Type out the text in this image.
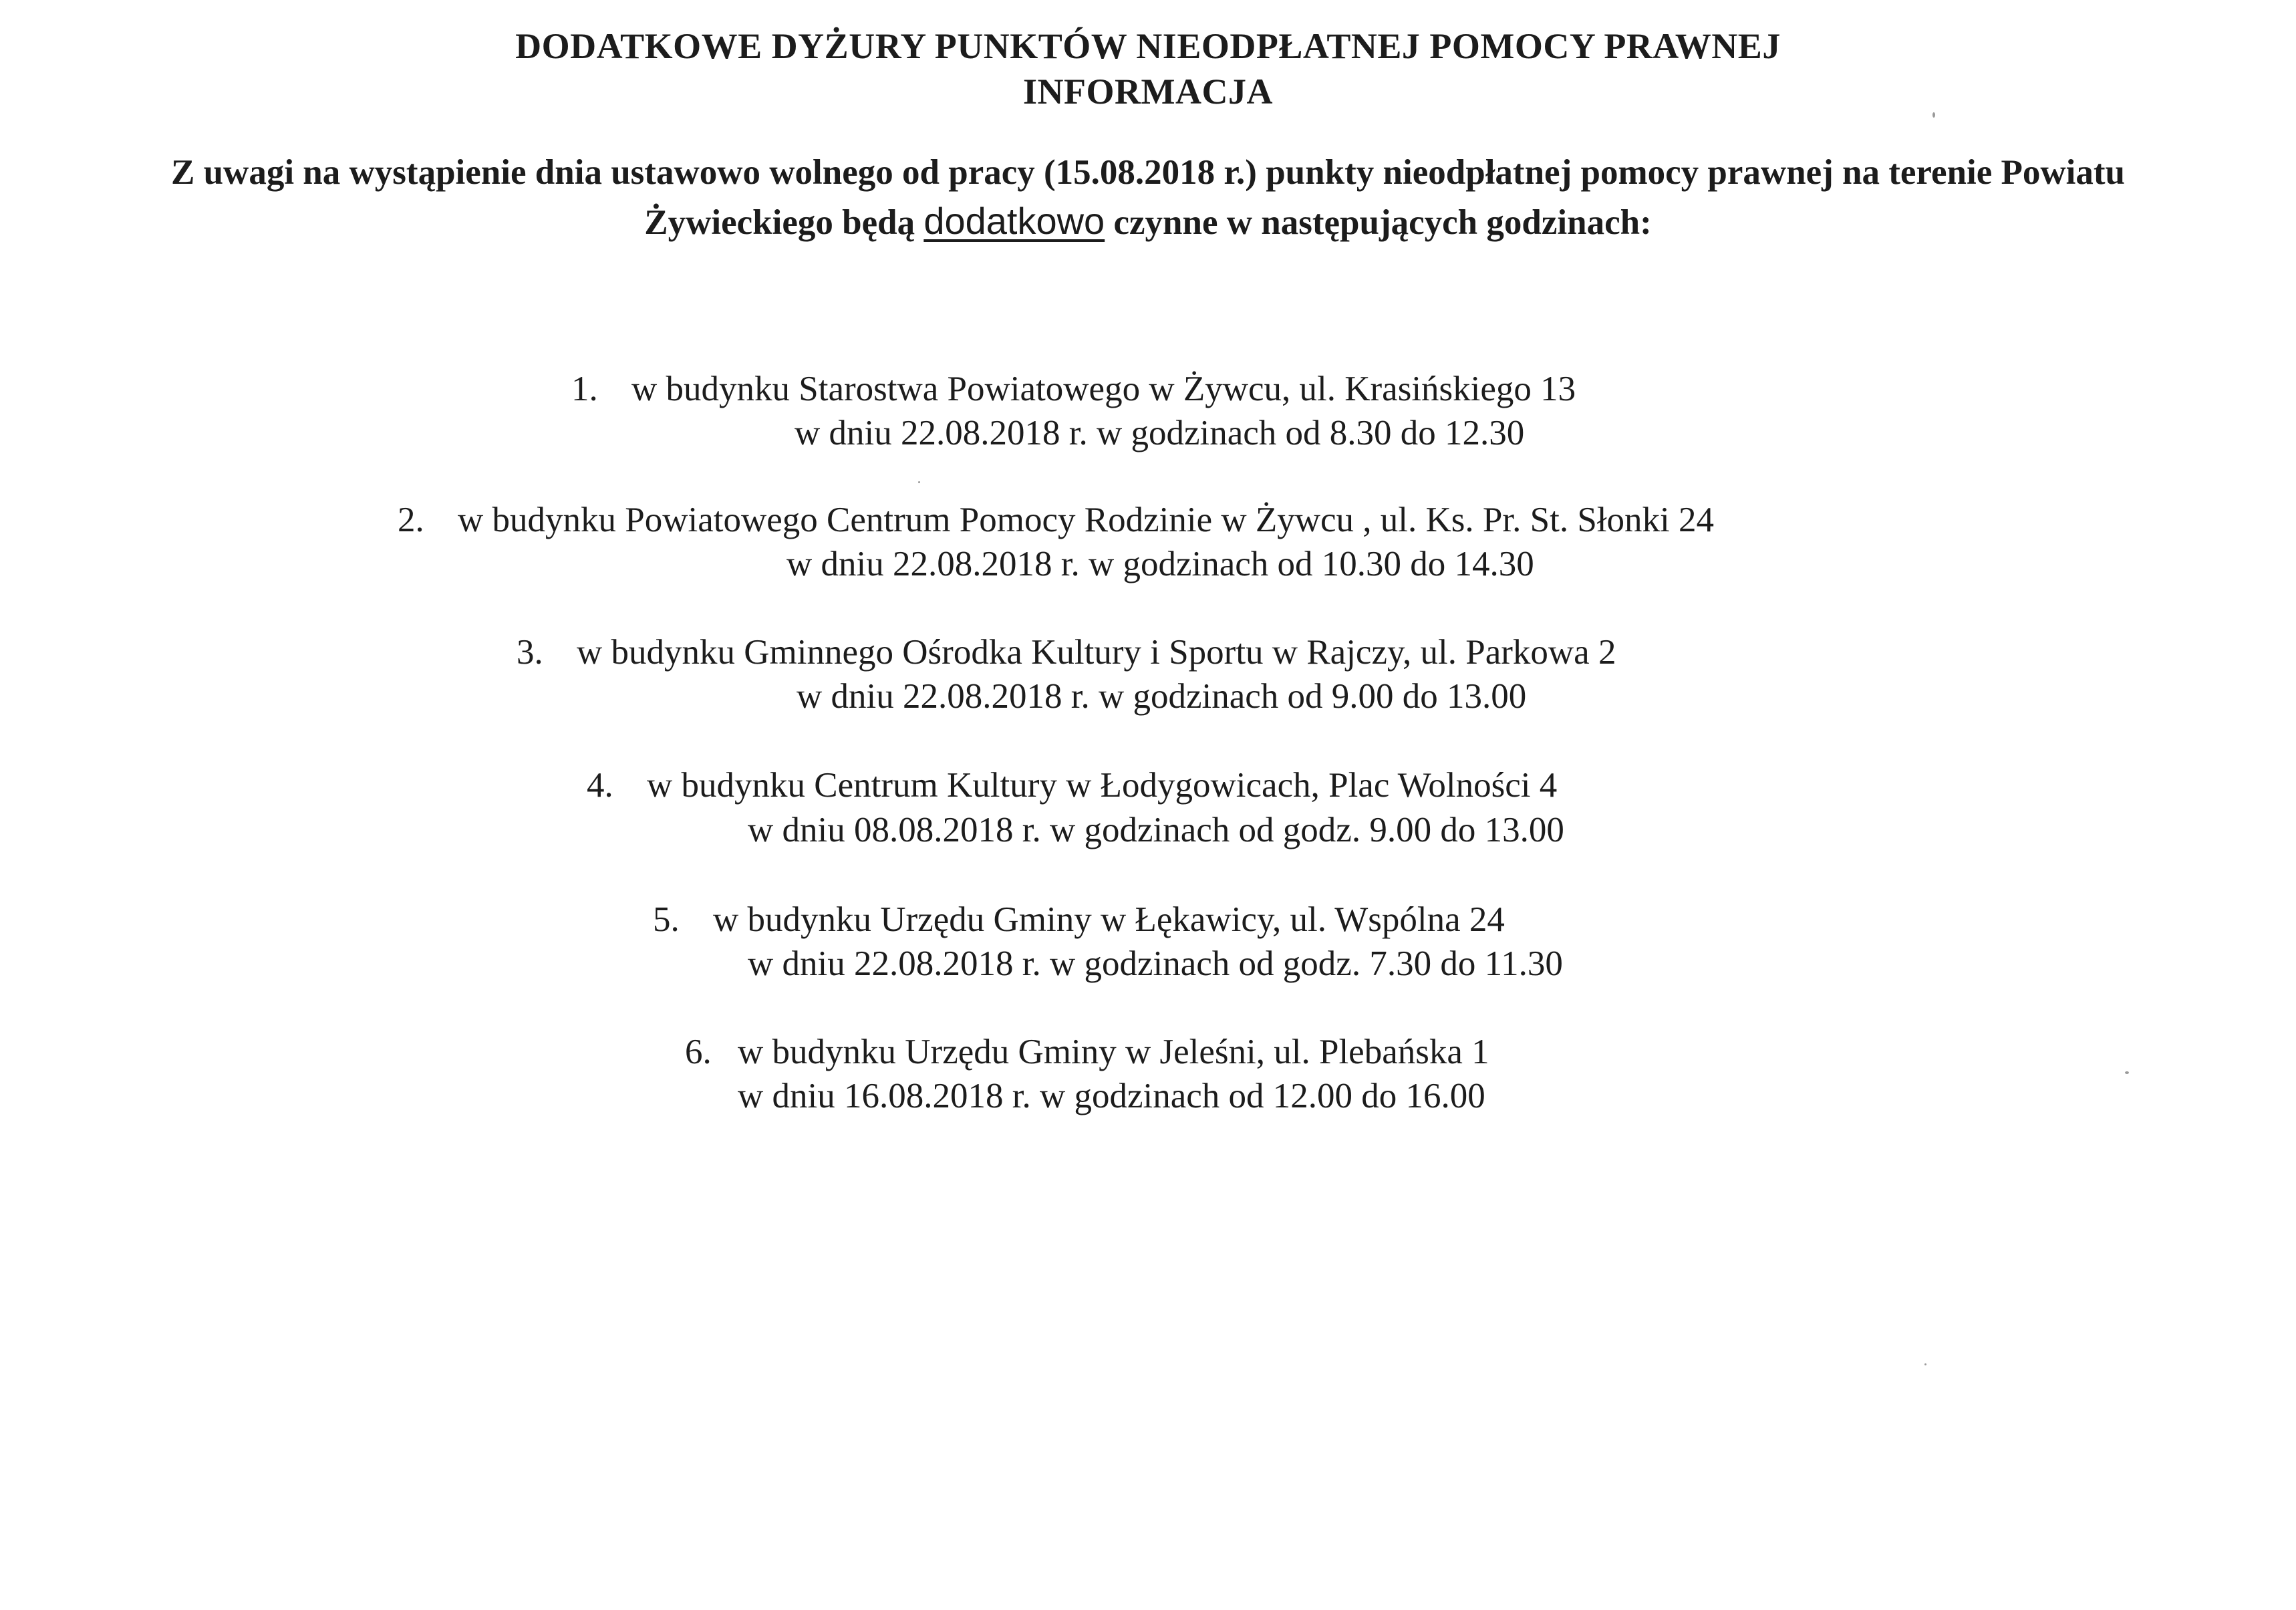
DODATKOWE DYŻURY PUNKTÓW NIEODPŁATNEJ POMOCY PRAWNEJ
INFORMACJA
Z uwagi na wystąpienie dnia ustawowo wolnego od pracy (15.08.2018 r.) punkty nieodpłatnej pomocy prawnej na terenie Powiatu
Żywieckiego będą dodatkowo czynne w następujących godzinach:
1. w budynku Starostwa Powiatowego w Żywcu, ul. Krasińskiego 13
w dniu 22.08.2018 r. w godzinach od 8.30 do 12.30
2. w budynku Powiatowego Centrum Pomocy Rodzinie w Żywcu , ul. Ks. Pr. St. Słonki 24
w dniu 22.08.2018 r. w godzinach od 10.30 do 14.30
3. w budynku Gminnego Ośrodka Kultury i Sportu w Rajczy, ul. Parkowa 2
w dniu 22.08.2018 r. w godzinach od 9.00 do 13.00
4. w budynku Centrum Kultury w Łodygowicach, Plac Wolności 4
w dniu 08.08.2018 r. w godzinach od godz. 9.00 do 13.00
5. w budynku Urzędu Gminy w Łękawicy, ul. Wspólna 24
w dniu 22.08.2018 r. w godzinach od godz. 7.30 do 11.30
6. w budynku Urzędu Gminy w Jeleśni, ul. Plebańska 1
w dniu 16.08.2018 r. w godzinach od 12.00 do 16.00
